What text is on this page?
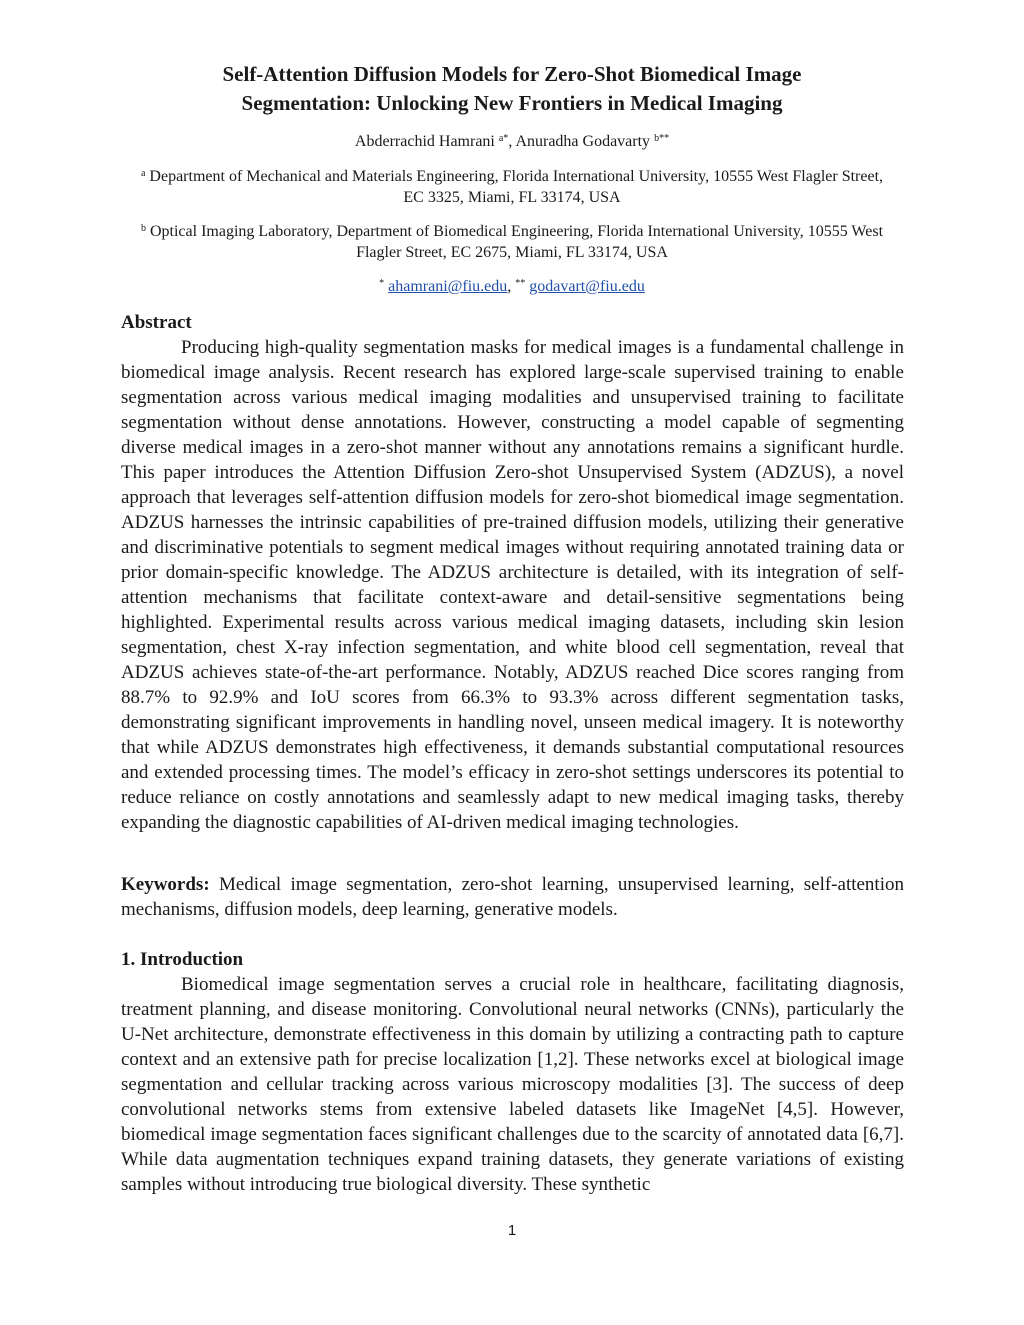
Self-Attention Diffusion Models for Zero-Shot Biomedical Image
Segmentation: Unlocking New Frontiers in Medical Imaging
Abderrachid Hamrani $^{a*}$, Anuradha Godavarty $^{b**}$
$^a$ Department of Mechanical and Materials Engineering, Florida International University, 10555 West Flagler Street,
EC 3325, Miami, FL 33174, USA
$^b$ Optical Imaging Laboratory, Department of Biomedical Engineering, Florida International University, 10555 West
Flagler Street, EC 2675, Miami, FL 33174, USA
* ahamrani@fiu.edu, ** godavart@fiu.edu
Abstract

Producing high-quality segmentation masks for medical images is a fundamental challenge in biomedical image analysis. Recent research has explored large-scale supervised training to enable segmentation across various medical imaging modalities and unsupervised training to facilitate segmentation without dense annotations. However, constructing a model capable of segmenting diverse medical images in a zero-shot manner without any annotations remains a significant hurdle. This paper introduces the Attention Diffusion Zero-shot Unsupervised System (ADZUS), a novel approach that leverages self-attention diffusion models for zero-shot biomedical image segmentation. ADZUS harnesses the intrinsic capabilities of pre-trained diffusion models, utilizing their generative and discriminative potentials to segment medical images without requiring annotated training data or prior domain-specific knowledge. The ADZUS architecture is detailed, with its integration of self-attention mechanisms that facilitate context-aware and detail-sensitive segmentations being highlighted. Experimental results across various medical imaging datasets, including skin lesion segmentation, chest X-ray infection segmentation, and white blood cell segmentation, reveal that ADZUS achieves state-of-the-art performance. Notably, ADZUS reached Dice scores ranging from 88.7% to 92.9% and IoU scores from 66.3% to 93.3% across different segmentation tasks, demonstrating significant improvements in handling novel, unseen medical imagery. It is noteworthy that while ADZUS demonstrates high effectiveness, it demands substantial computational resources and extended processing times. The model’s efficacy in zero-shot settings underscores its potential to reduce reliance on costly annotations and seamlessly adapt to new medical imaging tasks, thereby expanding the diagnostic capabilities of AI-driven medical imaging technologies.

Keywords: Medical image segmentation, zero-shot learning, unsupervised learning, self-attention mechanisms, diffusion models, deep learning, generative models.

1. Introduction

Biomedical image segmentation serves a crucial role in healthcare, facilitating diagnosis, treatment planning, and disease monitoring. Convolutional neural networks (CNNs), particularly the U-Net architecture, demonstrate effectiveness in this domain by utilizing a contracting path to capture context and an extensive path for precise localization [1,2]. These networks excel at biological image segmentation and cellular tracking across various microscopy modalities [3]. The success of deep convolutional networks stems from extensive labeled datasets like ImageNet [4,5]. However, biomedical image segmentation faces significant challenges due to the scarcity of annotated data [6,7]. While data augmentation techniques expand training datasets, they generate variations of existing samples without introducing true biological diversity. These synthetic

1
